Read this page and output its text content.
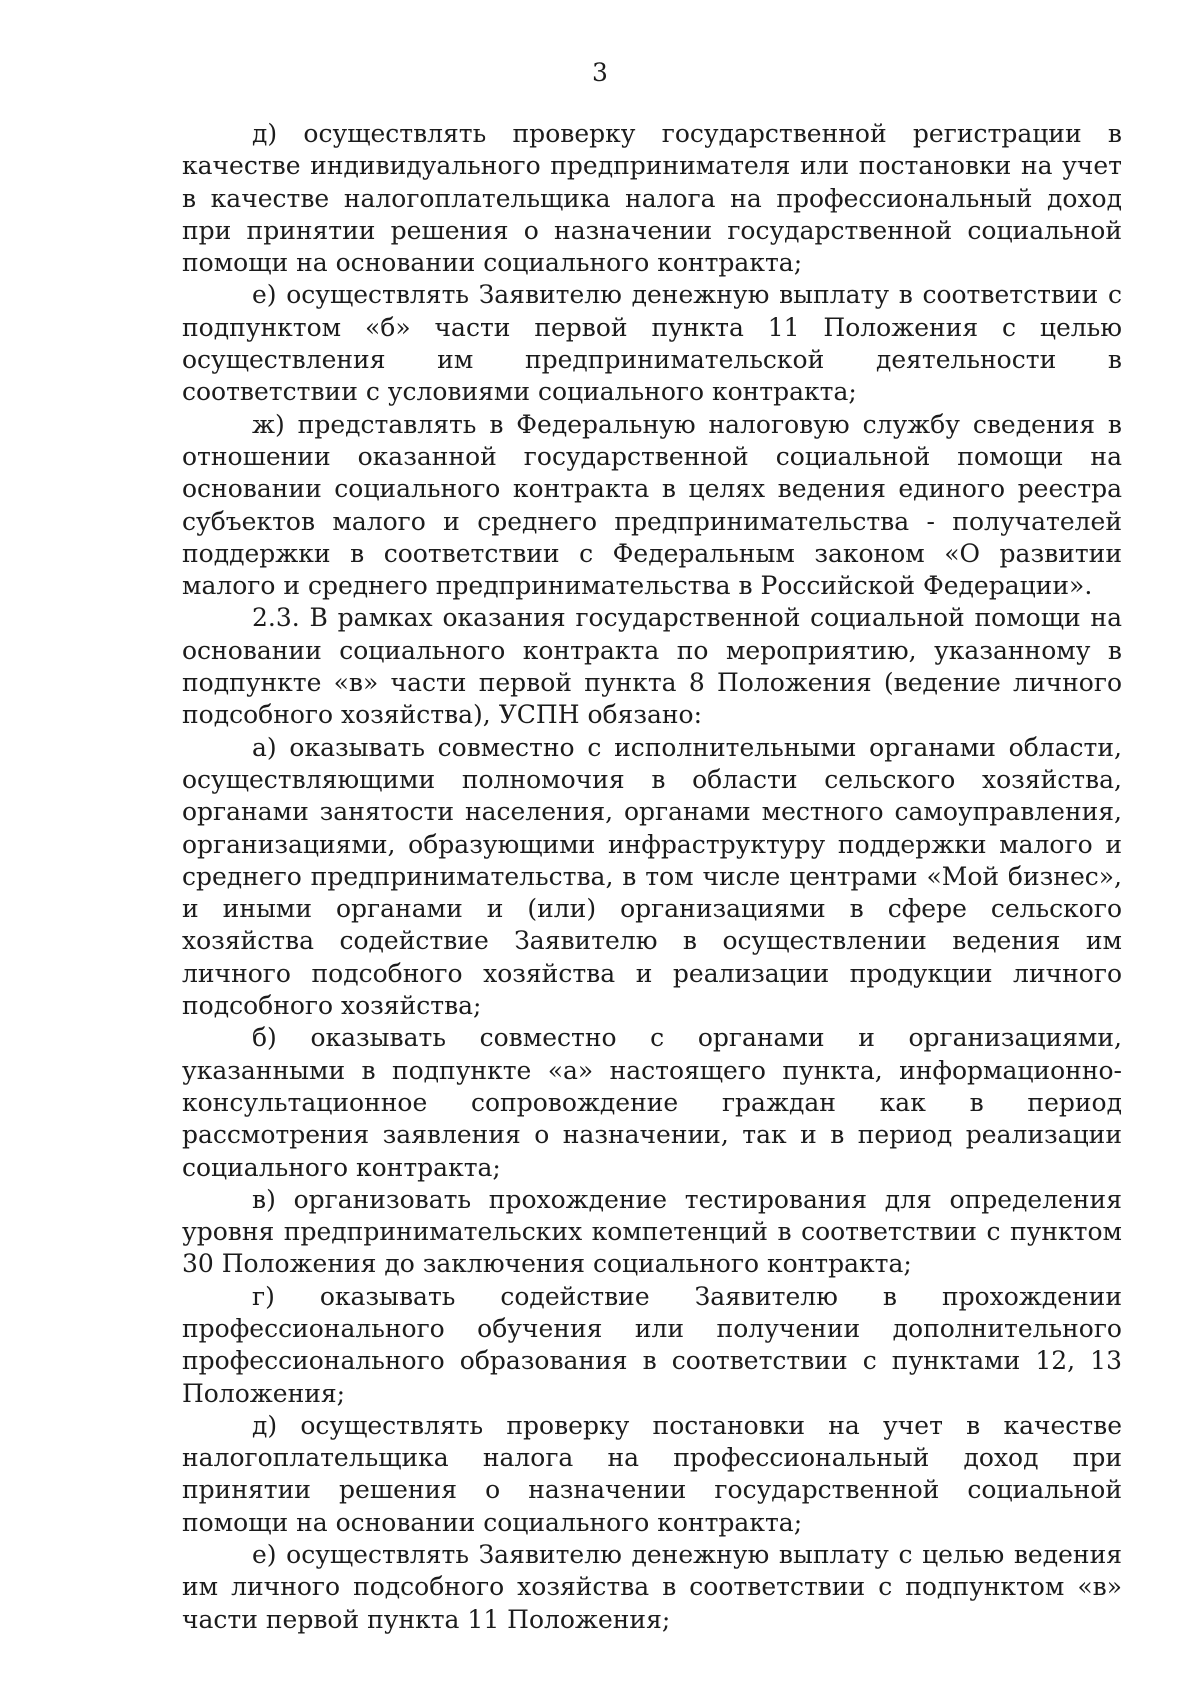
3

д) осуществлять проверку государственной регистрации в качестве индивидуального предпринимателя или постановки на учет в качестве налогоплательщика налога на профессиональный доход при принятии решения о назначении государственной социальной помощи на основании социального контракта;

е) осуществлять Заявителю денежную выплату в соответствии с подпунктом «б» части первой пункта 11 Положения с целью осуществления им предпринимательской деятельности в соответствии с условиями социального контракта;

ж) представлять в Федеральную налоговую службу сведения в отношении оказанной государственной социальной помощи на основании социального контракта в целях ведения единого реестра субъектов малого и среднего предпринимательства - получателей поддержки в соответствии с Федеральным законом «О развитии малого и среднего предпринимательства в Российской Федерации».

2.3. В рамках оказания государственной социальной помощи на основании социального контракта по мероприятию, указанному в подпункте «в» части первой пункта 8 Положения (ведение личного подсобного хозяйства), УСПН обязано:

а) оказывать совместно с исполнительными органами области, осуществляющими полномочия в области сельского хозяйства, органами занятости населения, органами местного самоуправления, организациями, образующими инфраструктуру поддержки малого и среднего предпринимательства, в том числе центрами «Мой бизнес», и иными органами и (или) организациями в сфере сельского хозяйства содействие Заявителю в осуществлении ведения им личного подсобного хозяйства и реализации продукции личного подсобного хозяйства;

б) оказывать совместно с органами и организациями, указанными в подпункте «а» настоящего пункта, информационно-консультационное сопровождение граждан как в период рассмотрения заявления о назначении, так и в период реализации социального контракта;

в) организовать прохождение тестирования для определения уровня предпринимательских компетенций в соответствии с пунктом 30 Положения до заключения социального контракта;

г) оказывать содействие Заявителю в прохождении профессионального обучения или получении дополнительного профессионального образования в соответствии с пунктами 12, 13 Положения;

д) осуществлять проверку постановки на учет в качестве налогоплательщика налога на профессиональный доход при принятии решения о назначении государственной социальной помощи на основании социального контракта;

е) осуществлять Заявителю денежную выплату с целью ведения им личного подсобного хозяйства в соответствии с подпунктом «в» части первой пункта 11 Положения;
